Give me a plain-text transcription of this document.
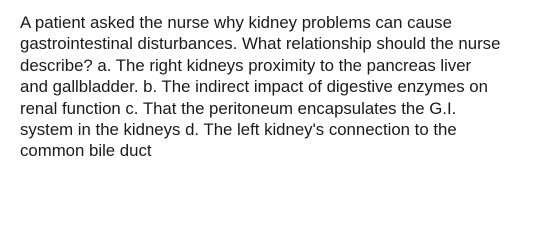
A patient asked the nurse why kidney problems can cause
gastrointestinal disturbances. What relationship should the nurse
describe? a. The right kidneys proximity to the pancreas liver
and gallbladder. b. The indirect impact of digestive enzymes on
renal function c. That the peritoneum encapsulates the G.I.
system in the kidneys d. The left kidney's connection to the
common bile duct
